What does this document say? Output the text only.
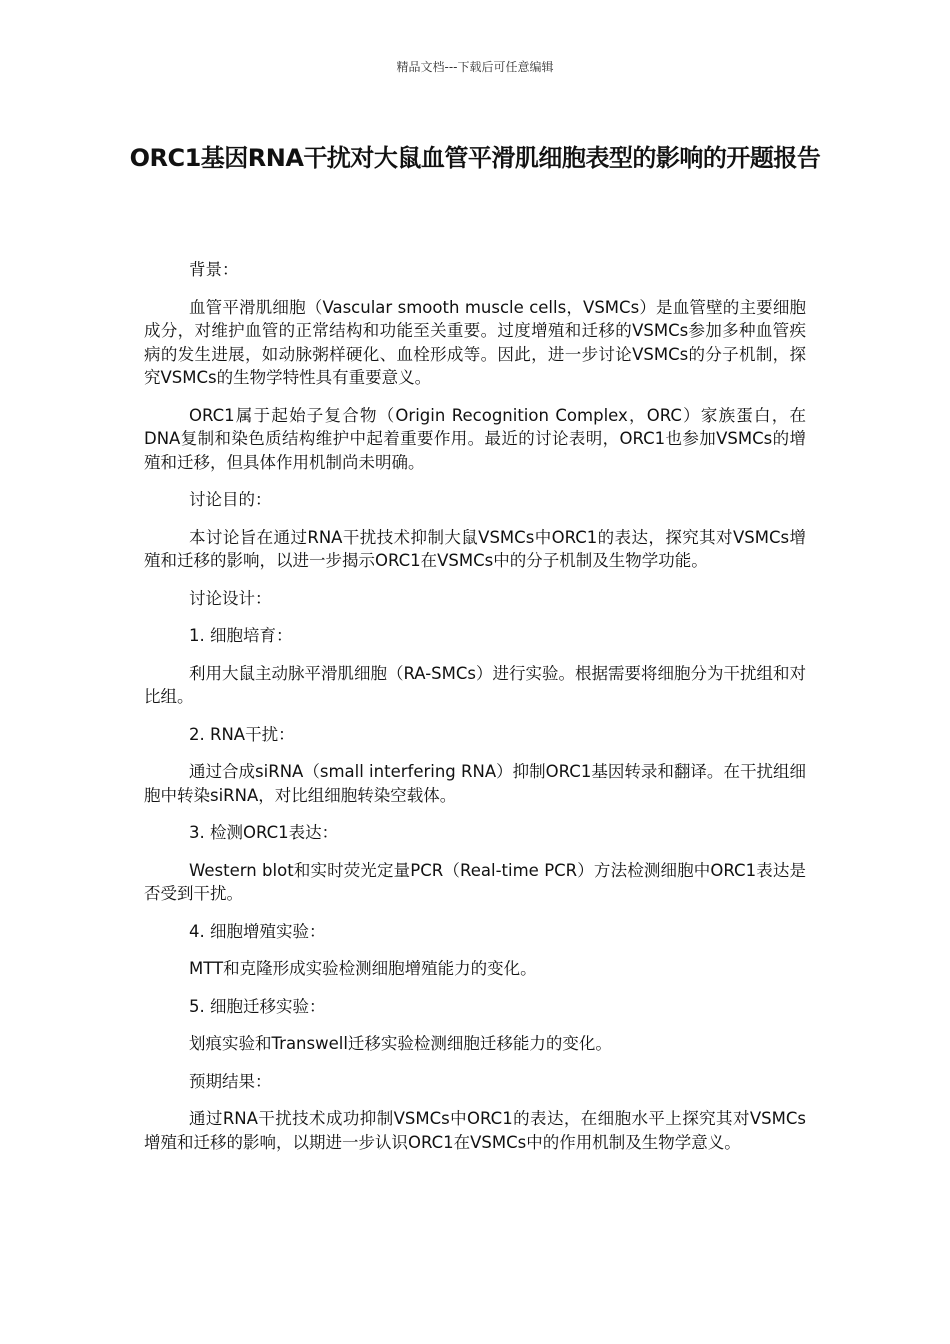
精品文档---下载后可任意编辑
ORC1基因RNA干扰对大鼠血管平滑肌细胞表型的影响的开题报告

背景：

血管平滑肌细胞（Vascular smooth muscle cells，VSMCs）是血管壁的主要细胞成分，对维护血管的正常结构和功能至关重要。过度增殖和迁移的VSMCs参加多种血管疾病的发生进展，如动脉粥样硬化、血栓形成等。因此，进一步讨论VSMCs的分子机制，探究VSMCs的生物学特性具有重要意义。

ORC1属于起始子复合物（Origin Recognition Complex，ORC）家族蛋白，在DNA复制和染色质结构维护中起着重要作用。最近的讨论表明，ORC1也参加VSMCs的增殖和迁移，但具体作用机制尚未明确。

讨论目的：

本讨论旨在通过RNA干扰技术抑制大鼠VSMCs中ORC1的表达，探究其对VSMCs增殖和迁移的影响，以进一步揭示ORC1在VSMCs中的分子机制及生物学功能。

讨论设计：

1. 细胞培育：

利用大鼠主动脉平滑肌细胞（RA-SMCs）进行实验。根据需要将细胞分为干扰组和对比组。

2. RNA干扰：

通过合成siRNA（small interfering RNA）抑制ORC1基因转录和翻译。在干扰组细胞中转染siRNA，对比组细胞转染空载体。

3. 检测ORC1表达：

Western blot和实时荧光定量PCR（Real-time PCR）方法检测细胞中ORC1表达是否受到干扰。

4. 细胞增殖实验：

MTT和克隆形成实验检测细胞增殖能力的变化。

5. 细胞迁移实验：

划痕实验和Transwell迁移实验检测细胞迁移能力的变化。

预期结果：

通过RNA干扰技术成功抑制VSMCs中ORC1的表达，在细胞水平上探究其对VSMCs增殖和迁移的影响，以期进一步认识ORC1在VSMCs中的作用机制及生物学意义。
